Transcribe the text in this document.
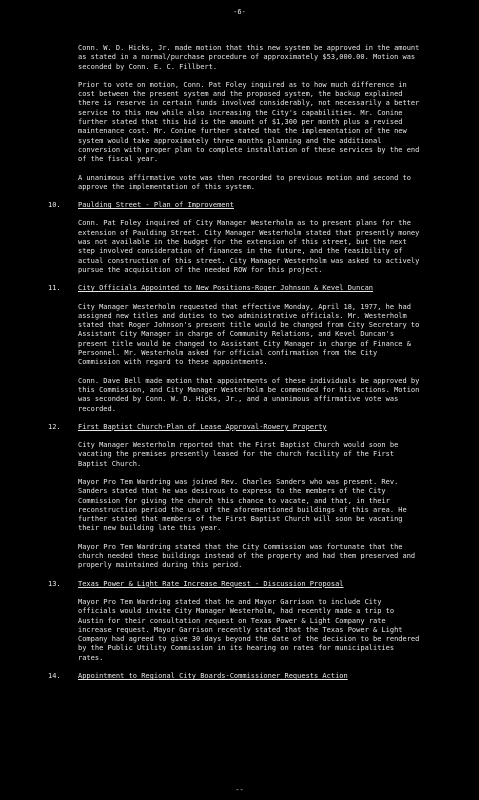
-6-

Conn. W. D. Hicks, Jr. made motion that this new system be approved in the amount as stated in a normal/purchase procedure of approximately $53,000.00. Motion was seconded by Conn. E. C. Fillbert.

Prior to vote on motion, Conn. Pat Foley inquired as to how much difference in cost between the present system and the proposed system, the backup explained there is reserve in certain funds involved considerably, not necessarily a better service to this new while also increasing the City's capabilities. Mr. Conine further stated that this bid is the amount of $1,300 per month plus a revised maintenance cost. Mr. Conine further stated that the implementation of the new system would take approximately three months planning and the additional conversion with proper plan to complete installation of these services by the end of the fiscal year.

A unanimous affirmative vote was then recorded to previous motion and second to approve the implementation of this system.

10. Paulding Street - Plan of Improvement

Conn. Pat Foley inquired of City Manager Westerholm as to present plans for the extension of Paulding Street. City Manager Westerholm stated that presently money was not available in the budget for the extension of this street, but the next step involved consideration of finances in the future, and the feasibility of actual construction of this street. City Manager Westerholm was asked to actively pursue the acquisition of the needed ROW for this project.

11. City Officials Appointed to New Positions-Roger Johnson & Kevel Duncan

City Manager Westerholm requested that effective Monday, April 18, 1977, he had assigned new titles and duties to two administrative officials. Mr. Westerholm stated that Roger Johnson's present title would be changed from City Secretary to Assistant City Manager in charge of Community Relations, and Kevel Duncan's present title would be changed to Assistant City Manager in charge of Finance & Personnel. Mr. Westerholm asked for official confirmation from the City Commission with regard to these appointments.

Conn. Dave Bell made motion that appointments of these individuals be approved by this Commission, and City Manager Westerholm be commended for his actions. Motion was seconded by Conn. W. D. Hicks, Jr., and a unanimous affirmative vote was recorded.

12. First Baptist Church-Plan of Lease Approval-Rowery Property

City Manager Westerholm reported that the First Baptist Church would soon be vacating the premises presently leased for the church facility of the First Baptist Church.

Mayor Pro Tem Wardring was joined Rev. Charles Sanders who was present. Rev. Sanders stated that he was desirous to express to the members of the City Commission for giving the church this chance to vacate, and that, in their reconstruction period the use of the aforementioned buildings of this area. He further stated that members of the First Baptist Church will soon be vacating their new building late this year.

Mayor Pro Tem Wardring stated that the City Commission was fortunate that the church needed these buildings instead of the property and had them preserved and properly maintained during this period.

13. Texas Power & Light Rate Increase Request - Discussion Proposal

Mayor Pro Tem Wardring stated that he and Mayor Garrison to include City officials would invite City Manager Westerholm, had recently made a trip to Austin for their consultation request on Texas Power & Light Company rate increase request. Mayor Garrison recently stated that the Texas Power & Light Company had agreed to give 30 days beyond the date of the decision to be rendered by the Public Utility Commission in its hearing on rates for municipalities rates.

14. Appointment to Regional City Boards-Commissioner Requests Action

--
